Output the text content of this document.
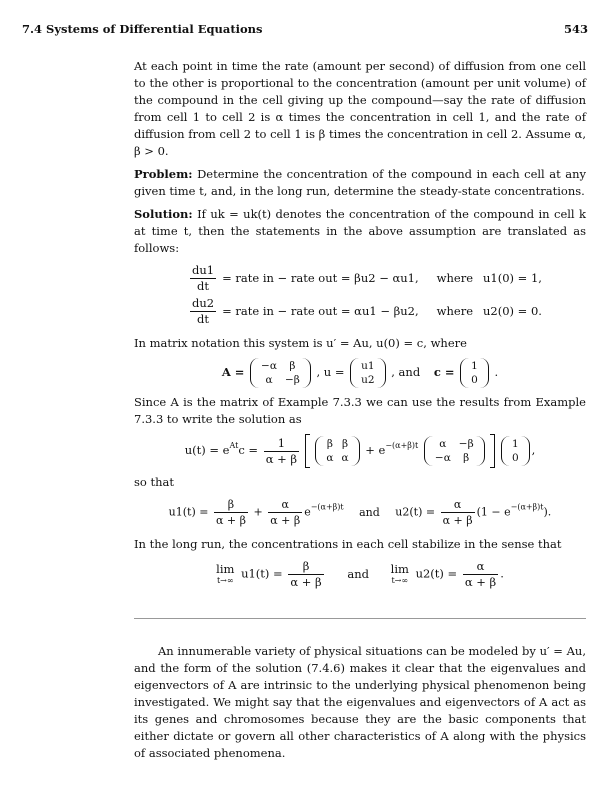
7.4 Systems of Differential Equations	543

At each point in time the rate (amount per second) of diffusion from one cell to the other is proportional to the concentration (amount per unit volume) of the compound in the cell giving up the compound—say the rate of diffusion from cell 1 to cell 2 is α times the concentration in cell 1, and the rate of diffusion from cell 2 to cell 1 is β times the concentration in cell 2. Assume α, β > 0.

Problem: Determine the concentration of the compound in each cell at any given time t, and, in the long run, determine the steady-state concentrations.

Solution: If uk = uk(t) denotes the concentration of the compound in cell k at time t, then the statements in the above assumption are translated as follows:

$\frac{du1}{dt}$ = rate in − rate out = βu2 − αu1, where u1(0) = 1,
$\frac{du2}{dt}$ = rate in − rate out = αu1 − βu2, where u2(0) = 0.

In matrix notation this system is u′ = Au, u(0) = c, where

A = −α	β
α	−β
, u = u1
u2
, and c = 1
0
.

Since A is the matrix of Example 7.3.3 we can use the results from Example 7.3.3 to write the solution as

$u(t) = e^{At}c = \frac{1}{\alpha + \beta}$
	β	β
α	α
+ $e^{-(\alpha+\beta)t}$ α	−β
−α	β

1
0
,

so that

$u1(t) = \frac{\beta}{\alpha + \beta} + \frac{\alpha}{\alpha + \beta} e^{-(\alpha+\beta)t}$ and $u2(t) = \frac{\alpha}{\alpha + \beta} (1 - e^{-(\alpha+\beta)t})$.

In the long run, the concentrations in each cell stabilize in the sense that

lim
t→∞ $u1(t) = \frac{\beta}{\alpha + \beta}$ and lim
t→∞ $u2(t) = \frac{\alpha}{\alpha + \beta}$ .

An innumerable variety of physical situations can be modeled by u′ = Au, and the form of the solution (7.4.6) makes it clear that the eigenvalues and eigenvectors of A are intrinsic to the underlying physical phenomenon being investigated. We might say that the eigenvalues and eigenvectors of A act as its genes and chromosomes because they are the basic components that either dictate or govern all other characteristics of A along with the physics of associated phenomena.
